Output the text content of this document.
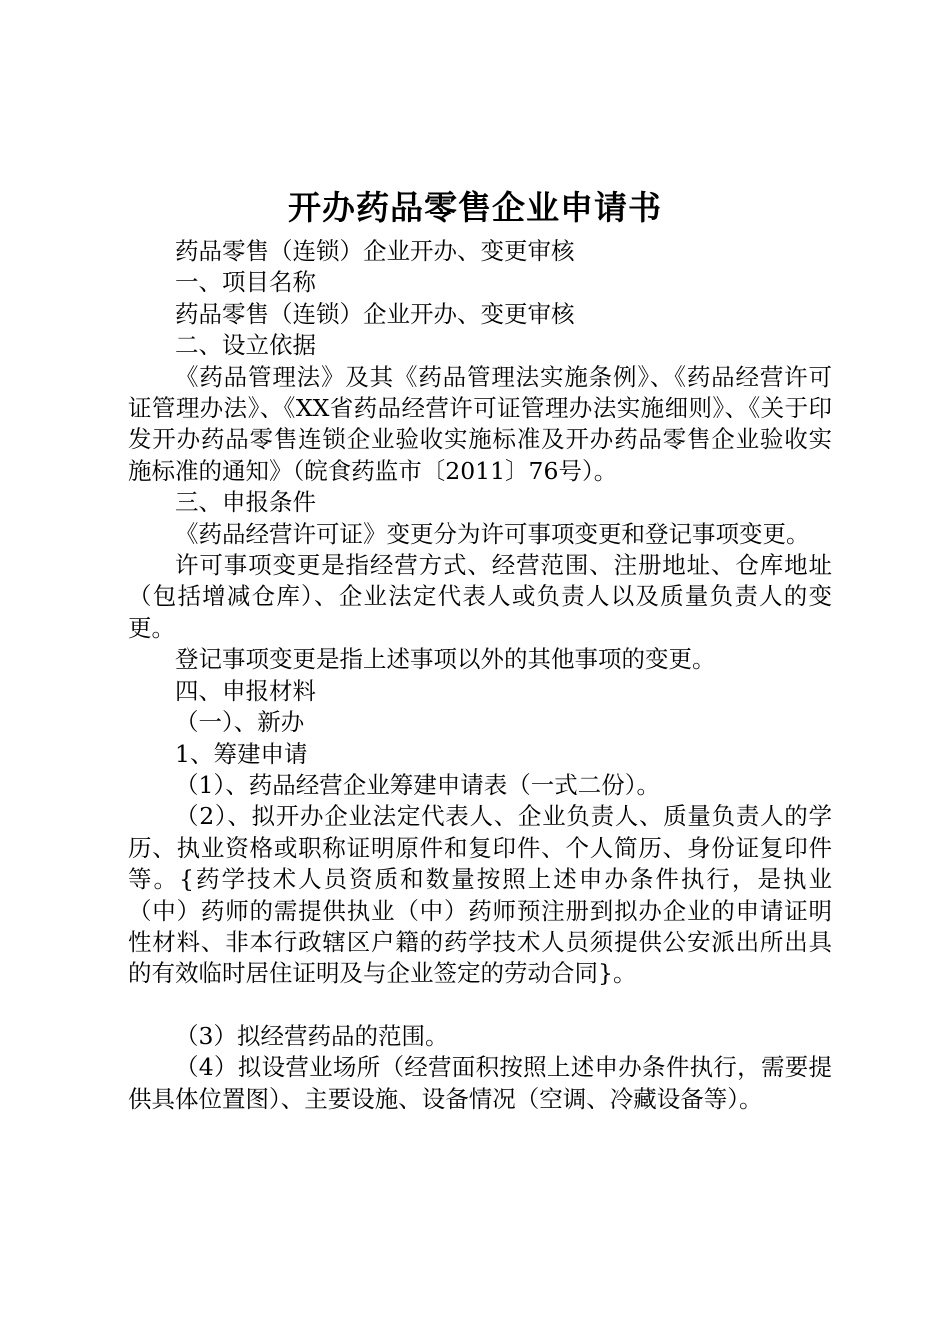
开办药品零售企业申请书

药品零售（连锁）企业开办、变更审核

一、项目名称

药品零售（连锁）企业开办、变更审核

二、设立依据

《药品管理法》及其《药品管理法实施条例》、《药品经营许可证管理办法》、《XX省药品经营许可证管理办法实施细则》、《关于印发开办药品零售连锁企业验收实施标准及开办药品零售企业验收实施标准的通知》（皖食药监市〔2011〕76号）。

三、申报条件

《药品经营许可证》变更分为许可事项变更和登记事项变更。

许可事项变更是指经营方式、经营范围、注册地址、仓库地址（包括增减仓库）、企业法定代表人或负责人以及质量负责人的变更。

登记事项变更是指上述事项以外的其他事项的变更。

四、申报材料

（一）、新办

1、筹建申请

（1）、药品经营企业筹建申请表（一式二份）。

（2）、拟开办企业法定代表人、企业负责人、质量负责人的学历、执业资格或职称证明原件和复印件、个人简历、身份证复印件等。{药学技术人员资质和数量按照上述申办条件执行，是执业（中）药师的需提供执业（中）药师预注册到拟办企业的申请证明性材料、非本行政辖区户籍的药学技术人员须提供公安派出所出具的有效临时居住证明及与企业签定的劳动合同}。

（3）拟经营药品的范围。

（4）拟设营业场所（经营面积按照上述申办条件执行，需要提供具体位置图）、主要设施、设备情况（空调、冷藏设备等）。
